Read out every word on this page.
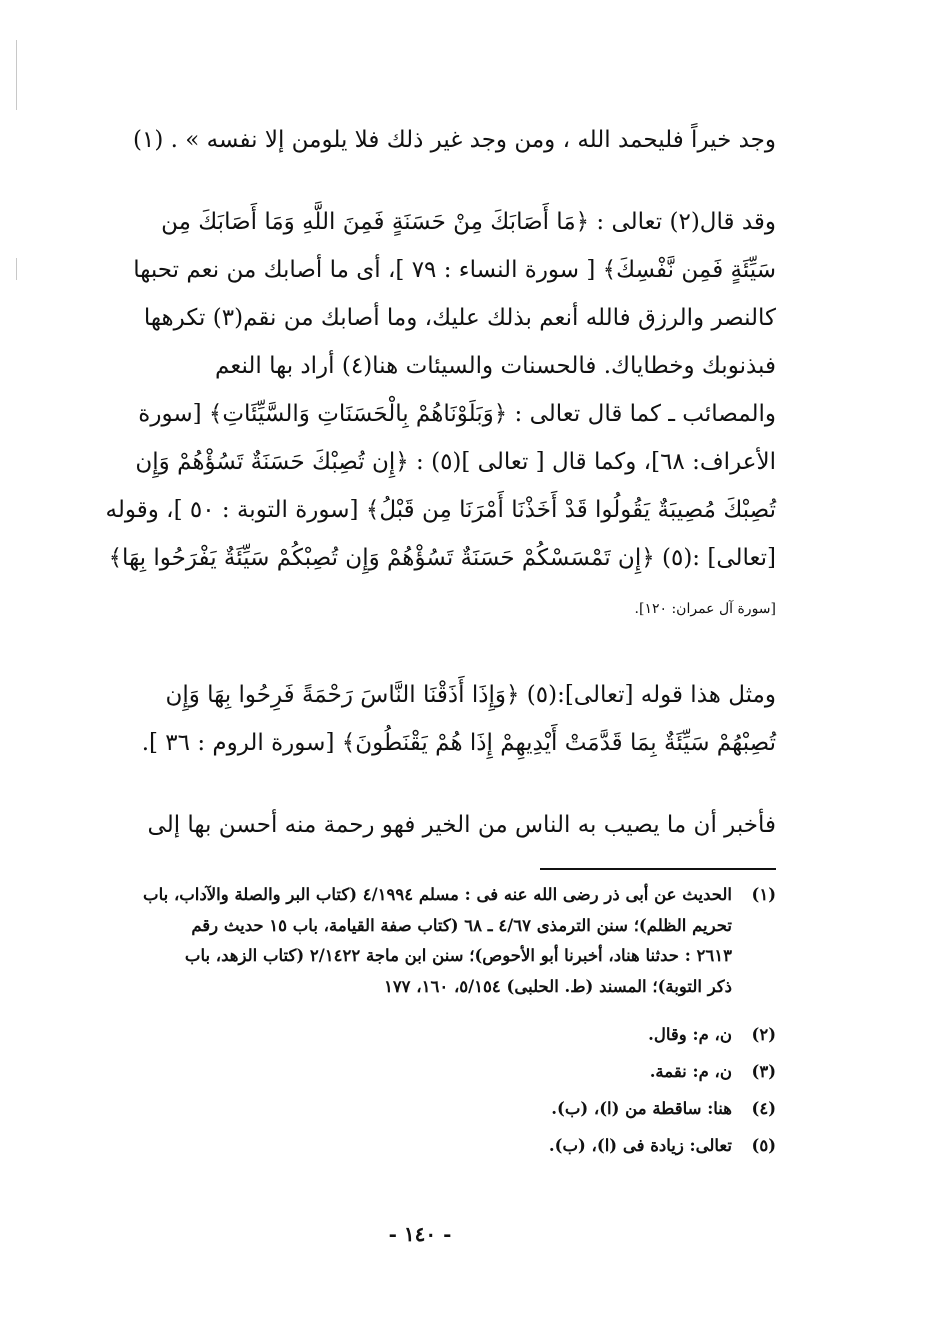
وجد خيراً فليحمد الله ، ومن وجد غير ذلك فلا يلومن إلا نفسه » . (١)

وقد قال(٢) تعالى : ﴿مَا أَصَابَكَ مِنْ حَسَنَةٍ فَمِنَ اللَّهِ وَمَا أَصَابَكَ مِن
سَيِّئَةٍ فَمِن نَّفْسِكَ﴾ [ سورة النساء : ٧٩ ]، أى ما أصابك من نعم تحبها
كالنصر والرزق فالله أنعم بذلك عليك، وما أصابك من نقم(٣) تكرهها
فبذنوبك وخطاياك. فالحسنات والسيئات هنا(٤) أراد بها النعم
والمصائب ـ كما قال تعالى : ﴿وَبَلَوْنَاهُمْ بِالْحَسَنَاتِ وَالسَّيِّئَاتِ﴾ [سورة
الأعراف: ٦٨]، وكما قال [ تعالى ](٥) : ﴿إِن تُصِبْكَ حَسَنَةٌ تَسُؤْهُمْ وَإِن
تُصِبْكَ مُصِيبَةٌ يَقُولُوا قَدْ أَخَذْنَا أَمْرَنَا مِن قَبْلُ﴾ [سورة التوبة : ٥٠ ]، وقوله
[تعالى] :(٥) ﴿إِن تَمْسَسْكُمْ حَسَنَةٌ تَسُؤْهُمْ وَإِن تُصِبْكُمْ سَيِّئَةٌ يَفْرَحُوا بِهَا﴾
[سورة آل عمران: ١٢٠].

ومثل هذا قوله [تعالى]:(٥) ﴿وَإِذَا أَذَقْنَا النَّاسَ رَحْمَةً فَرِحُوا بِهَا وَإِن
تُصِبْهُمْ سَيِّئَةٌ بِمَا قَدَّمَتْ أَيْدِيهِمْ إِذَا هُمْ يَقْنَطُونَ﴾ [سورة الروم : ٣٦ ].

فأخبر أن ما يصيب به الناس من الخير فهو رحمة منه أحسن بها إلى

(١)
الحديث عن أبى ذر رضى الله عنه فى : مسلم ٤/١٩٩٤ (كتاب البر والصلة والآداب، باب
تحريم الظلم)؛ سنن الترمذى ٤/٦٧ ـ ٦٨ (كتاب صفة القيامة، باب ١٥ حديث رقم
٢٦١٣ : حدثنا هناد، أخبرنا أبو الأحوص)؛ سنن ابن ماجة ٢/١٤٢٢ (كتاب الزهد، باب
ذكر التوبة)؛ المسند (ط. الحلبى) ٥/١٥٤، ١٦٠، ١٧٧
(٢)
ن، م: وقال.
(٣)
ن، م: نقمة.
(٤)
هنا: ساقطة من (ا)، (ب).
(٥)
تعالى: زيادة فى (ا)، (ب).
- ١٤٠ -
